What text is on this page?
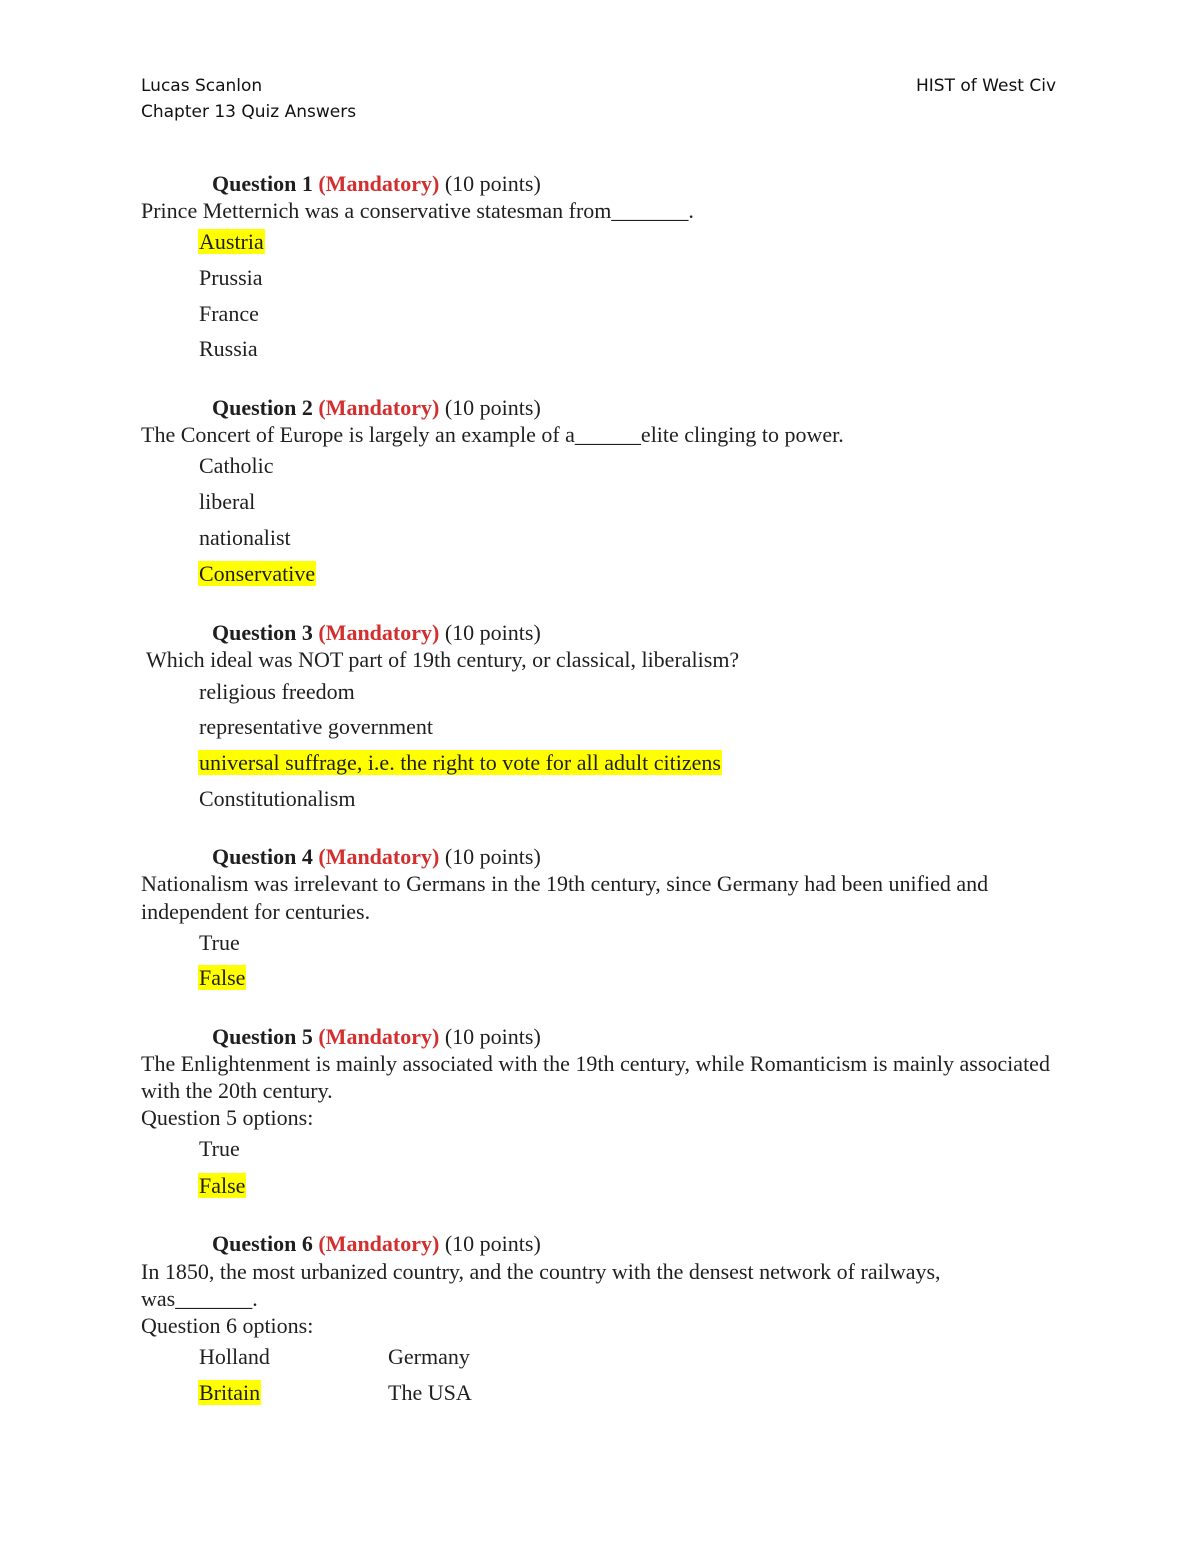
Lucas Scanlon
Chapter 13 Quiz Answers
HIST of West Civ
Question 1 (Mandatory) (10 points)
Prince Metternich was a conservative statesman from_______.
Austria
Prussia
France
Russia
Question 2 (Mandatory) (10 points)
The Concert of Europe is largely an example of a______elite clinging to power.
Catholic
liberal
nationalist
Conservative
Question 3 (Mandatory) (10 points)
Which ideal was NOT part of 19th century, or classical, liberalism?
religious freedom
representative government
universal suffrage, i.e. the right to vote for all adult citizens
Constitutionalism
Question 4 (Mandatory) (10 points)
Nationalism was irrelevant to Germans in the 19th century, since Germany had been unified and independent for centuries.
True
False
Question 5 (Mandatory) (10 points)
The Enlightenment is mainly associated with the 19th century, while Romanticism is mainly associated with the 20th century.
Question 5 options:
True
False
Question 6 (Mandatory) (10 points)
In 1850, the most urbanized country, and the country with the densest network of railways, was_______.
Question 6 options:
Holland	Germany
Britain	The USA
